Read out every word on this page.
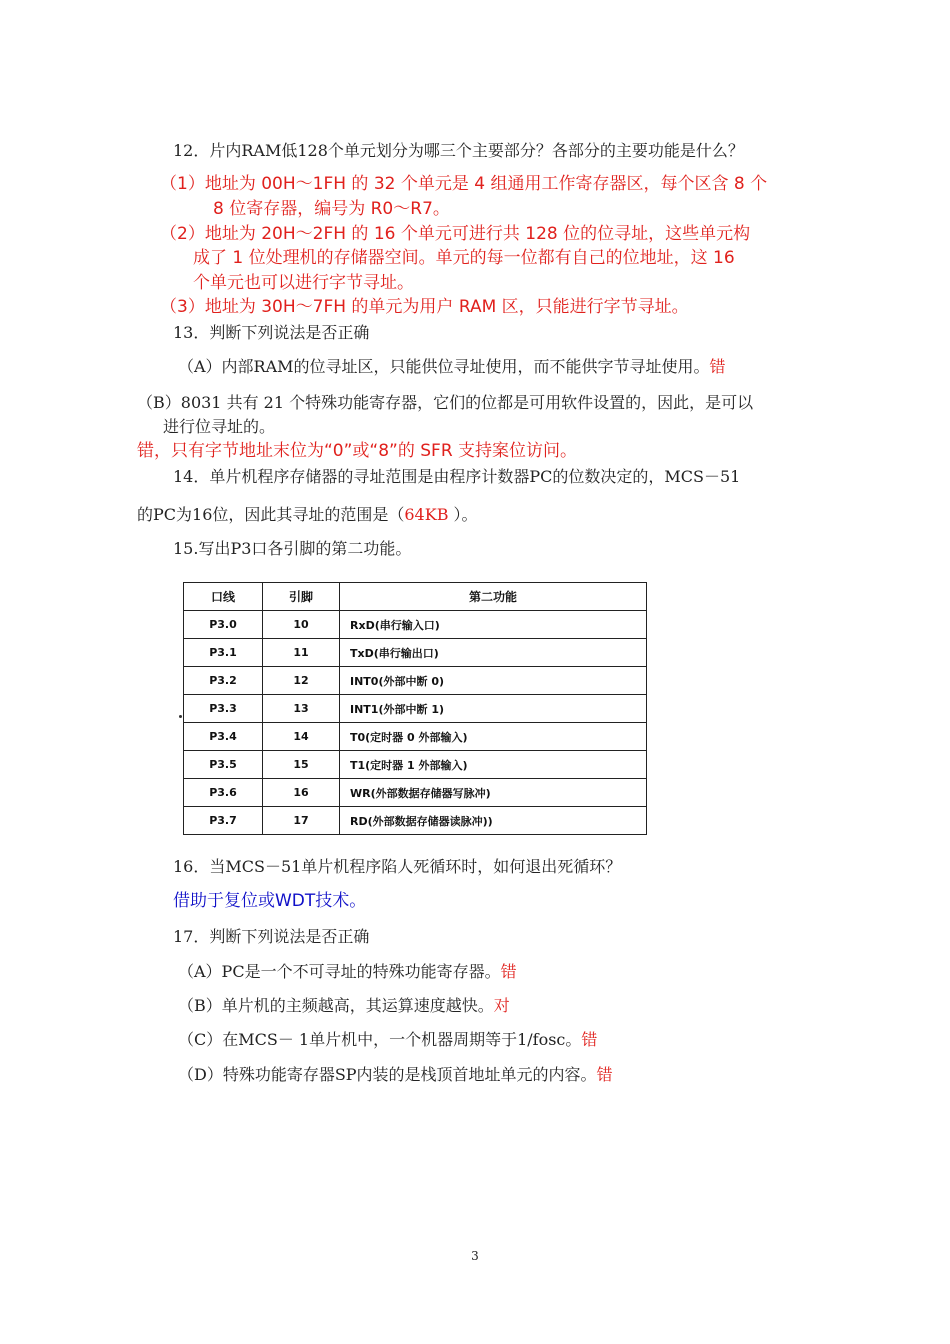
12．片内RAM低128个单元划分为哪三个主要部分？各部分的主要功能是什么？
（1）地址为 00H～1FH 的 32 个单元是 4 组通用工作寄存器区，每个区含 8 个
8 位寄存器，编号为 R0～R7。
（2）地址为 20H～2FH 的 16 个单元可进行共 128 位的位寻址，这些单元构
成了 1 位处理机的存储器空间。单元的每一位都有自己的位地址，这 16
个单元也可以进行字节寻址。
（3）地址为 30H～7FH 的单元为用户 RAM 区，只能进行字节寻址。
13．判断下列说法是否正确
（A）内部RAM的位寻址区，只能供位寻址使用，而不能供字节寻址使用。错
（B）8031 共有 21 个特殊功能寄存器，它们的位都是可用软件设置的，因此，是可以
进行位寻址的。
错，只有字节地址末位为“0”或“8”的 SFR 支持案位访问。
14．单片机程序存储器的寻址范围是由程序计数器PC的位数决定的，MCS－51
的PC为16位，因此其寻址的范围是（64KB ）。
15.写出P3口各引脚的第二功能。
口线	引脚	第二功能
P3.0	10	RxD(串行输入口)
P3.1	11	TxD(串行输出口)
P3.2	12	INT0(外部中断 0)
P3.3	13	INT1(外部中断 1)
P3.4	14	T0(定时器 0 外部输入)
P3.5	15	T1(定时器 1 外部输入)
P3.6	16	WR(外部数据存储器写脉冲)
P3.7	17	RD(外部数据存储器读脉冲))
16．当MCS－51单片机程序陷人死循环时，如何退出死循环？
借助于复位或WDT技术。
17．判断下列说法是否正确
（A）PC是一个不可寻址的特殊功能寄存器。错
（B）单片机的主频越高，其运算速度越快。对
（C）在MCS－ 1单片机中，一个机器周期等于1/fosc。错
（D）特殊功能寄存器SP内装的是栈顶首地址单元的内容。错
3
